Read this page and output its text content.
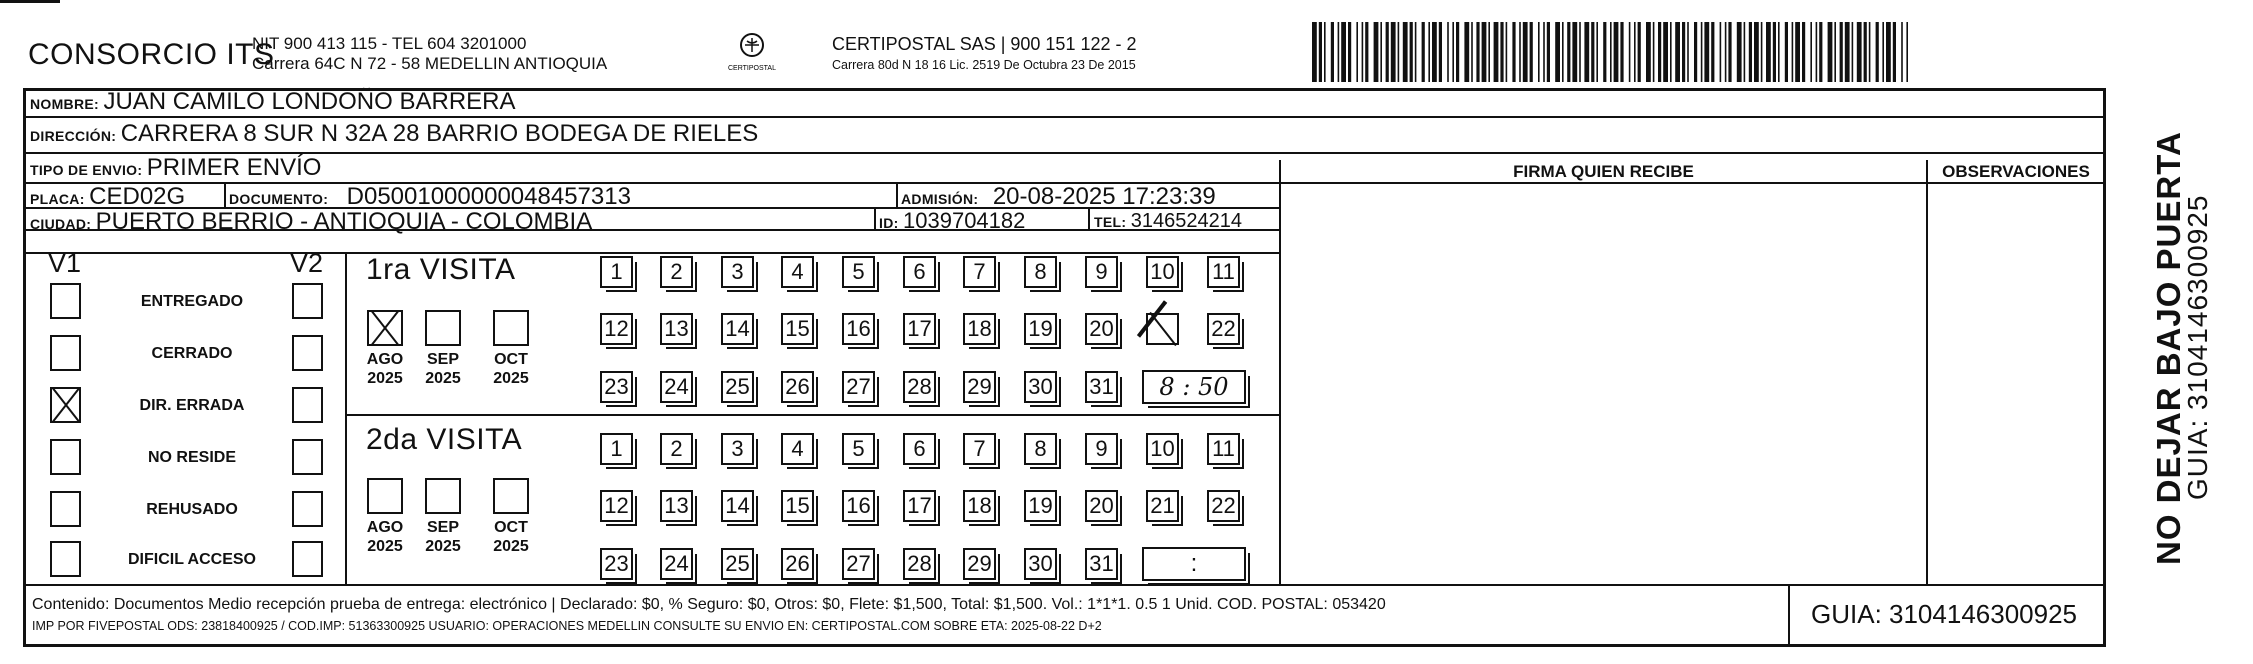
CONSORCIO ITS
NIT 900 413 115 - TEL 604 3201000
Carrera 64C N 72 - 58 MEDELLIN ANTIOQUIA	CERTIPOSTAL
CERTIPOSTAL SAS | 900 151 122 - 2
Carrera 80d N 18 16 Lic. 2519 De Octubra 23 De 2015
NOMBRE: JUAN CAMILO LONDOÑO BARRERA
DIRECCIÓN: CARRERA 8 SUR N 32A 28 BARRIO BODEGA DE RIELES
TIPO DE ENVIO: PRIMER ENVÍO
PLACA: CED02G	DOCUMENTO: D05001000000048457313	ADMISIÓN: 20-08-2025 17:23:39
CIUDAD: PUERTO BERRIO - ANTIOQUIA - COLOMBIA	ID: 1039704182	TEL: 3146524214
FIRMA QUIEN RECIBE	OBSERVACIONES
V1	V2
ENTREGADO
CERRADO
DIR. ERRADA
NO RESIDE
REHUSADO
DIFICIL ACCESO
1ra VISITA
2da VISITA
AGO
2025
SEP
2025
OCT
2025
AGO
2025
SEP
2025
OCT
2025
1	2	3	4	5	6	7	8	9	10 11
12 13 14 15 16 17 18 19 20	22
23 24 25 26 27 28 29 30 31	8 : 50
1	2	3	4	5	6	7	8	9	10 11
12 13 14 15 16 17 18 19 20 21 22
23 24 25 26 27 28 29 30 31	:
Contenido: Documentos Medio recepción prueba de entrega: electrónico | Declarado: $0, % Seguro: $0, Otros: $0, Flete: $1,500, Total: $1,500. Vol.: 1*1*1. 0.5 1 Unid. COD. POSTAL: 053420
IMP POR FIVEPOSTAL ODS: 23818400925 / COD.IMP: 51363300925 USUARIO: OPERACIONES MEDELLIN CONSULTE SU ENVIO EN: CERTIPOSTAL.COM SOBRE ETA: 2025-08-22 D+2	GUIA: 3104146300925
NO DEJAR BAJO PUERTA
GUIA: 3104146300925
